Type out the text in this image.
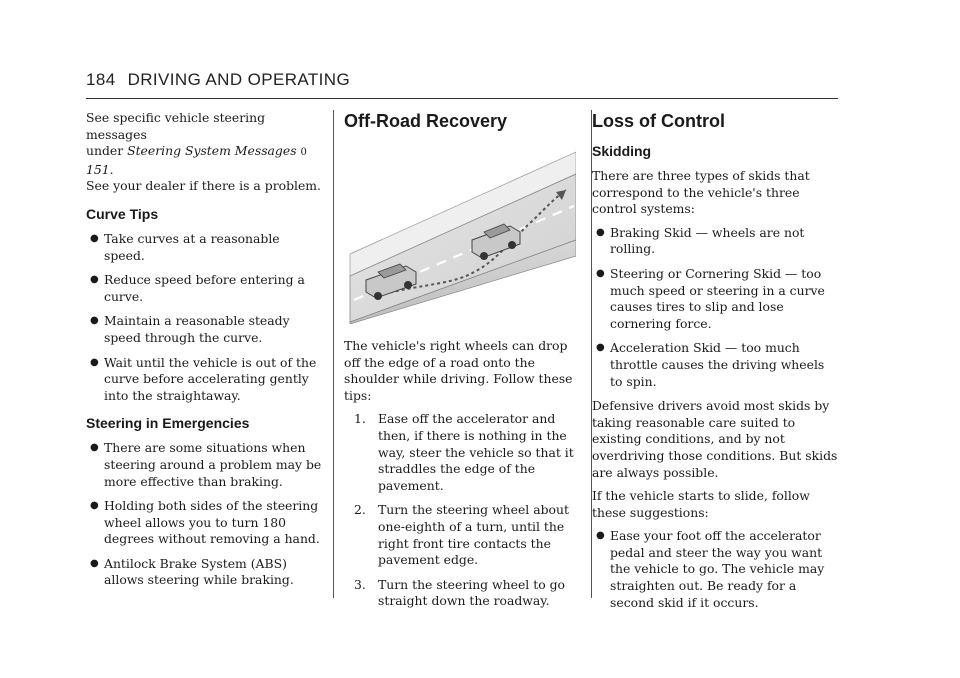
184 DRIVING AND OPERATING

See specific vehicle steering messages
under Steering System Messages 0 151.
See your dealer if there is a problem.

Curve Tips
● Take curves at a reasonable speed.
● Reduce speed before entering a curve.
● Maintain a reasonable steady speed through the curve.
● Wait until the vehicle is out of the curve before accelerating gently into the straightaway.
Steering in Emergencies
● There are some situations when steering around a problem may be more effective than braking.
● Holding both sides of the steering wheel allows you to turn 180 degrees without removing a hand.
● Antilock Brake System (ABS) allows steering while braking.
Off-Road Recovery

The vehicle's right wheels can drop off the edge of a road onto the shoulder while driving. Follow these tips:

1. Ease off the accelerator and then, if there is nothing in the way, steer the vehicle so that it straddles the edge of the pavement.
2. Turn the steering wheel about one-eighth of a turn, until the right front tire contacts the pavement edge.
3. Turn the steering wheel to go straight down the roadway.
Loss of Control
Skidding

There are three types of skids that correspond to the vehicle's three control systems:

● Braking Skid — wheels are not rolling.
● Steering or Cornering Skid — too much speed or steering in a curve causes tires to slip and lose cornering force.
● Acceleration Skid — too much throttle causes the driving wheels to spin.

Defensive drivers avoid most skids by taking reasonable care suited to existing conditions, and by not overdriving those conditions. But skids are always possible.

If the vehicle starts to slide, follow these suggestions:

● Ease your foot off the accelerator pedal and steer the way you want the vehicle to go. The vehicle may straighten out. Be ready for a second skid if it occurs.
